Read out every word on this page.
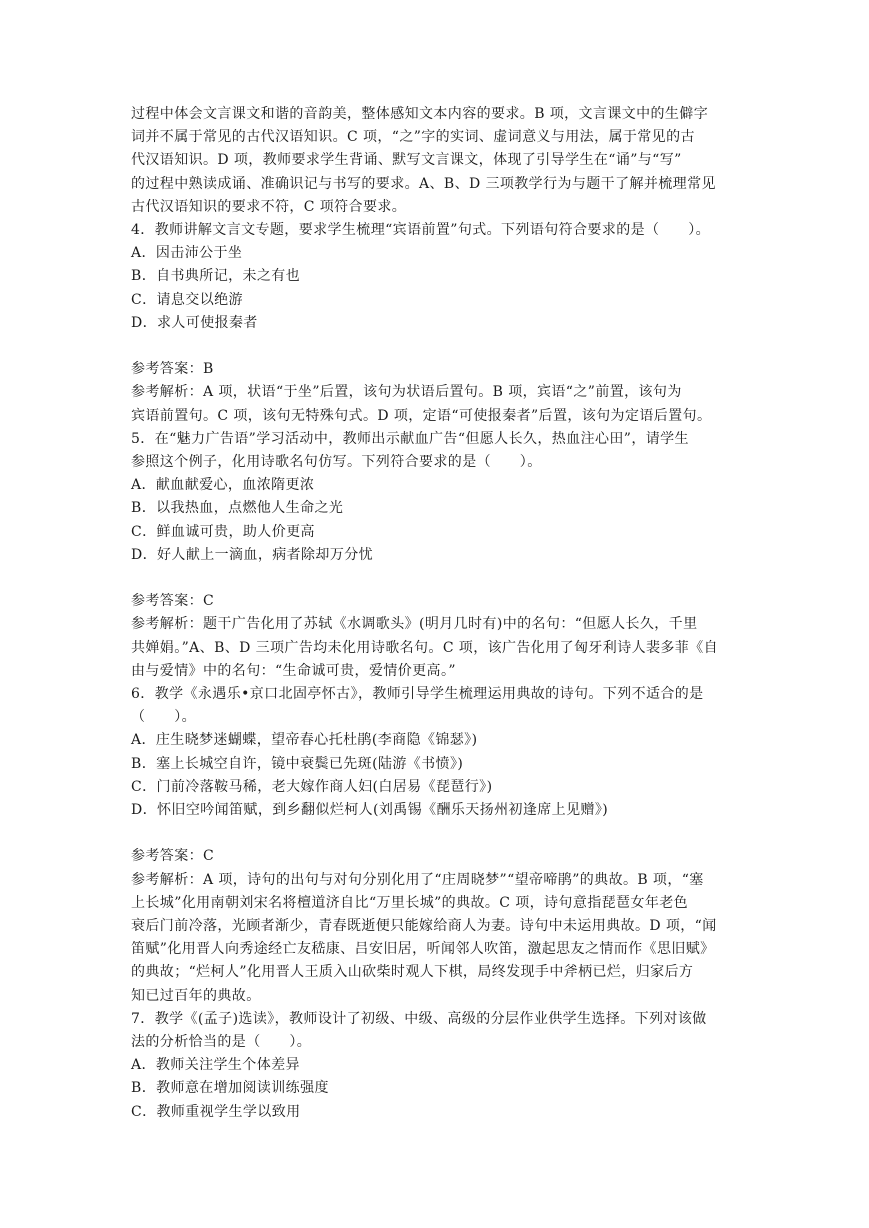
过程中体会文言课文和谐的音韵美，整体感知文本内容的要求。B 项，文言课文中的生僻字
词并不属于常见的古代汉语知识。C 项，“之”字的实词、虚词意义与用法，属于常见的古
代汉语知识。D 项，教师要求学生背诵、默写文言课文，体现了引导学生在“诵”与“写”
的过程中熟读成诵、准确识记与书写的要求。A、B、D 三项教学行为与题干了解并梳理常见
古代汉语知识的要求不符，C 项符合要求。
4．教师讲解文言文专题，要求学生梳理“宾语前置”句式。下列语句符合要求的是（　　）。
A．因击沛公于坐
B．自书典所记，未之有也
C．请息交以绝游
D．求人可使报秦者
参考答案：B
参考解析：A 项，状语“于坐”后置，该句为状语后置句。B 项，宾语“之”前置，该句为
宾语前置句。C 项，该句无特殊句式。D 项，定语“可使报秦者”后置，该句为定语后置句。
5．在“魅力广告语”学习活动中，教师出示献血广告“但愿人长久，热血注心田”，请学生
参照这个例子，化用诗歌名句仿写。下列符合要求的是（　　）。
A．献血献爱心，血浓隋更浓
B．以我热血，点燃他人生命之光
C．鲜血诚可贵，助人价更高
D．好人献上一滴血，病者除却万分忧
参考答案：C
参考解析：题干广告化用了苏轼《水调歌头》(明月几时有)中的名句：“但愿人长久，千里
共婵娟。”A、B、D 三项广告均未化用诗歌名句。C 项，该广告化用了匈牙利诗人裴多菲《自
由与爱情》中的名句：“生命诚可贵，爱情价更高。”
6．教学《永遇乐•京口北固亭怀古》，教师引导学生梳理运用典故的诗句。下列不适合的是
（　　）。
A．庄生晓梦迷蝴蝶，望帝春心托杜鹃(李商隐《锦瑟》)
B．塞上长城空自许，镜中衰鬓已先斑(陆游《书愤》)
C．门前冷落鞍马稀，老大嫁作商人妇(白居易《琵琶行》)
D．怀旧空吟闻笛赋，到乡翻似烂柯人(刘禹锡《酬乐天扬州初逢席上见赠》)
参考答案：C
参考解析：A 项，诗句的出句与对句分别化用了“庄周晓梦”“望帝啼鹃”的典故。B 项，“塞
上长城”化用南朝刘宋名将檀道济自比“万里长城”的典故。C 项，诗句意指琵琶女年老色
衰后门前冷落，光顾者渐少，青春既逝便只能嫁给商人为妻。诗句中未运用典故。D 项，“闻
笛赋”化用晋人向秀途经亡友嵇康、吕安旧居，听闻邻人吹笛，激起思友之情而作《思旧赋》
的典故；“烂柯人”化用晋人王质入山砍柴时观人下棋，局终发现手中斧柄已烂，归家后方
知已过百年的典故。
7．教学《(孟子)选读》，教师设计了初级、中级、高级的分层作业供学生选择。下列对该做
法的分析恰当的是（　　）。
A．教师关注学生个体差异
B．教师意在增加阅读训练强度
C．教师重视学生学以致用
